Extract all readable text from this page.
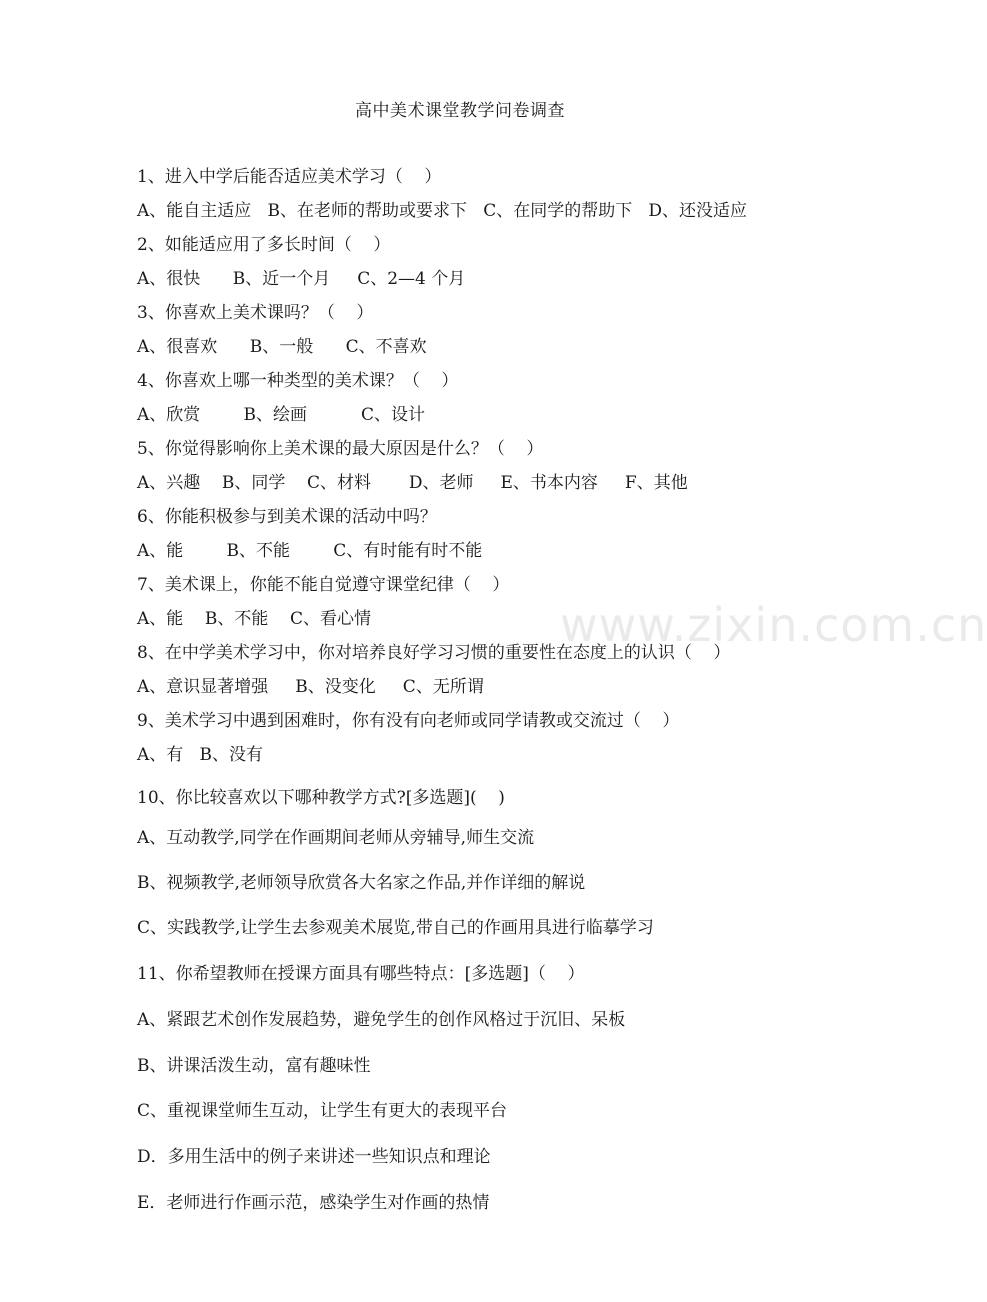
高中美术课堂教学问卷调查
1、进入中学后能否适应美术学习（    ）
A、能自主适应   B、在老师的帮助或要求下   C、在同学的帮助下   D、还没适应
2、如能适应用了多长时间（    ）
A、很快      B、近一个月     C、2—4 个月
3、你喜欢上美术课吗？（    ）
A、很喜欢      B、一般      C、不喜欢
4、你喜欢上哪一种类型的美术课？（    ）
A、欣赏        B、绘画          C、设计
5、你觉得影响你上美术课的最大原因是什么？（    ）
A、兴趣    B、同学    C、材料       D、老师     E、书本内容     F、其他
6、你能积极参与到美术课的活动中吗？
A、能        B、不能        C、有时能有时不能
7、美术课上，你能不能自觉遵守课堂纪律（    ）
A、能    B、不能    C、看心情
8、在中学美术学习中，你对培养良好学习习惯的重要性在态度上的认识（    ）
A、意识显著增强     B、没变化     C、无所谓
9、美术学习中遇到困难时，你有没有向老师或同学请教或交流过（    ）
A、有   B、没有
10、你比较喜欢以下哪种教学方式?[多选题](    )
A、互动教学,同学在作画期间老师从旁辅导,师生交流
B、视频教学,老师领导欣赏各大名家之作品,并作详细的解说
C、实践教学,让学生去参观美术展览,带自己的作画用具进行临摹学习
11、你希望教师在授课方面具有哪些特点：[多选题]（    ）
A、紧跟艺术创作发展趋势，避免学生的创作风格过于沉旧、呆板
B、讲课活泼生动，富有趣味性
C、重视课堂师生互动，让学生有更大的表现平台
D．多用生活中的例子来讲述一些知识点和理论
E．老师进行作画示范，感染学生对作画的热情
www.zixin.com.cn
